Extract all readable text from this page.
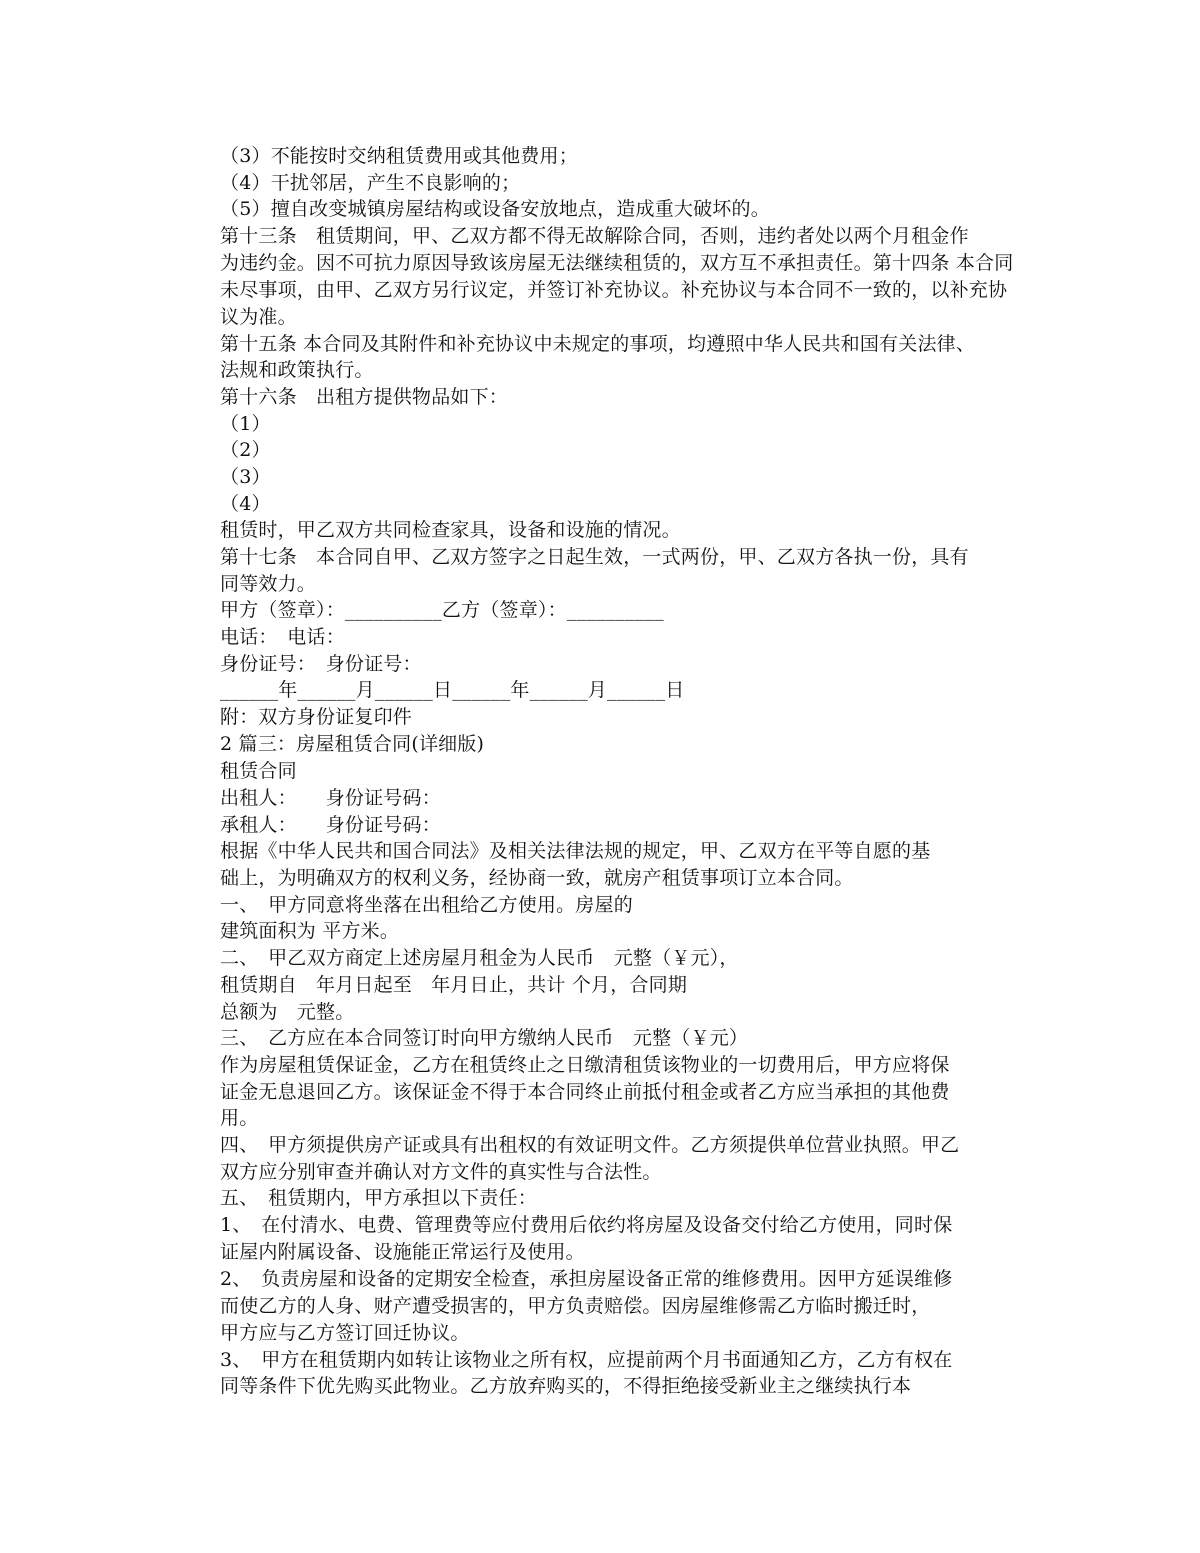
（3）不能按时交纳租赁费用或其他费用；
（4）干扰邻居，产生不良影响的；
（5）擅自改变城镇房屋结构或设备安放地点，造成重大破坏的。
第十三条　租赁期间，甲、乙双方都不得无故解除合同，否则，违约者处以两个月租金作
为违约金。因不可抗力原因导致该房屋无法继续租赁的，双方互不承担责任。第十四条 本合同
未尽事项，由甲、乙双方另行议定，并签订补充协议。补充协议与本合同不一致的，以补充协
议为准。
第十五条 本合同及其附件和补充协议中未规定的事项，均遵照中华人民共和国有关法律、
法规和政策执行。
第十六条　出租方提供物品如下：
（1）
（2）
（3）
（4）
租赁时，甲乙双方共同检查家具，设备和设施的情况。
第十七条　本合同自甲、乙双方签字之日起生效，一式两份，甲、乙双方各执一份，具有
同等效力。
甲方（签章）：__________乙方（签章）：__________
电话：　电话：
身份证号：　身份证号：
______年______月______日______年______月______日
附：双方身份证复印件
2 篇三：房屋租赁合同(详细版)
租赁合同
出租人：　　身份证号码：
承租人：　　身份证号码：
根据《中华人民共和国合同法》及相关法律法规的规定，甲、乙双方在平等自愿的基
础上，为明确双方的权利义务，经协商一致，就房产租赁事项订立本合同。
一、　甲方同意将坐落在出租给乙方使用。房屋的
建筑面积为 平方米。
二、　甲乙双方商定上述房屋月租金为人民币　元整（￥元），
租赁期自　年月日起至　年月日止，共计 个月，合同期
总额为　元整。
三、　乙方应在本合同签订时向甲方缴纳人民币　元整（￥元）
作为房屋租赁保证金，乙方在租赁终止之日缴清租赁该物业的一切费用后，甲方应将保
证金无息退回乙方。该保证金不得于本合同终止前抵付租金或者乙方应当承担的其他费
用。
四、　甲方须提供房产证或具有出租权的有效证明文件。乙方须提供单位营业执照。甲乙
双方应分别审查并确认对方文件的真实性与合法性。
五、　租赁期内，甲方承担以下责任：
1、　在付清水、电费、管理费等应付费用后依约将房屋及设备交付给乙方使用，同时保
证屋内附属设备、设施能正常运行及使用。
2、　负责房屋和设备的定期安全检查，承担房屋设备正常的维修费用。因甲方延误维修
而使乙方的人身、财产遭受损害的，甲方负责赔偿。因房屋维修需乙方临时搬迁时，
甲方应与乙方签订回迁协议。
3、　甲方在租赁期内如转让该物业之所有权，应提前两个月书面通知乙方，乙方有权在
同等条件下优先购买此物业。乙方放弃购买的，不得拒绝接受新业主之继续执行本
